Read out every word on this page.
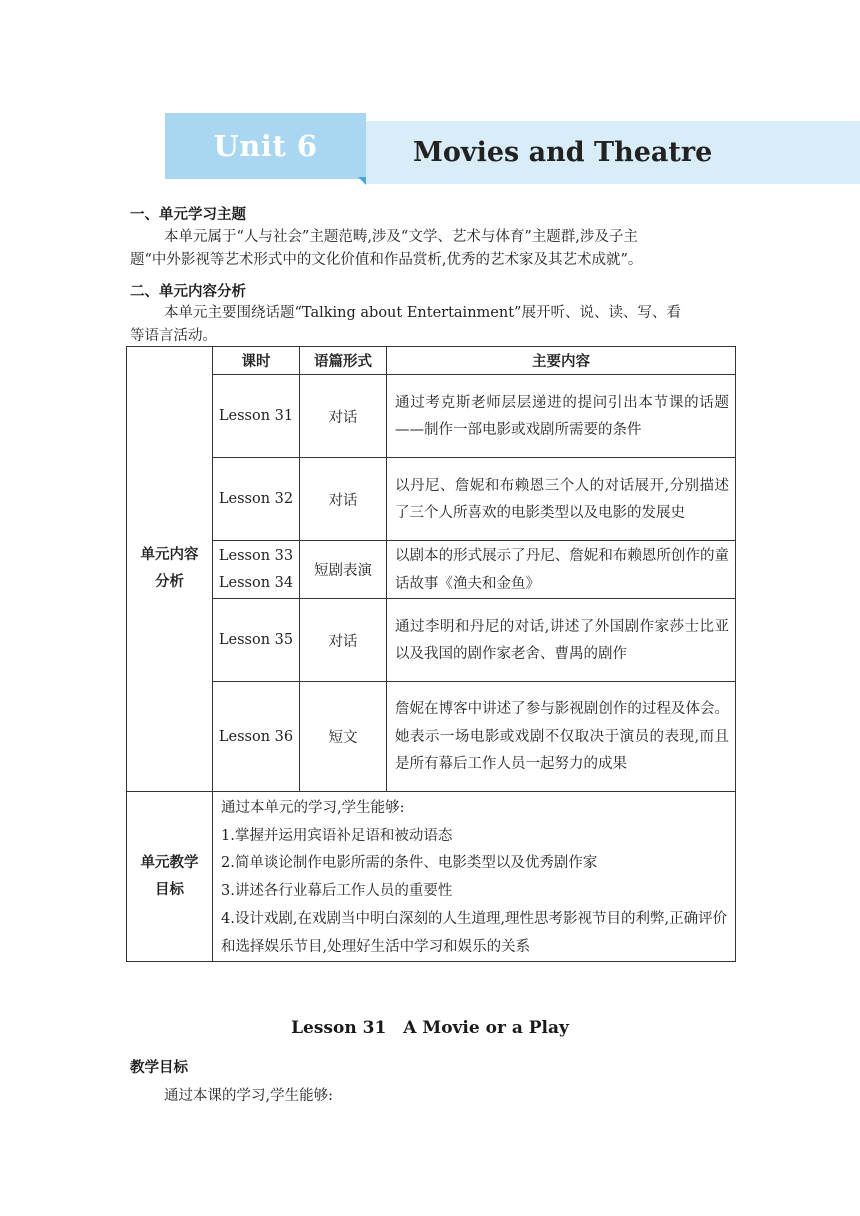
Unit 6	Movies and Theatre
一、单元学习主题
本单元属于“人与社会”主题范畴,涉及“文学、艺术与体育”主题群,涉及子主
题“中外影视等艺术形式中的文化价值和作品赏析,优秀的艺术家及其艺术成就”。
二、单元内容分析
本单元主要围绕话题“Talking about Entertainment”展开听、说、读、写、看
等语言活动。
单元内容分析	课时	语篇形式	主要内容
	Lesson 31	对话	通过考克斯老师层层递进的提问引出本节课的话题——制作一部电影或戏剧所需要的条件
	Lesson 32	对话	以丹尼、詹妮和布赖恩三个人的对话展开,分别描述了三个人所喜欢的电影类型以及电影的发展史

	Lesson 33
Lesson 34	短剧表演	以剧本的形式展示了丹尼、詹妮和布赖恩所创作的童话故事《渔夫和金鱼》
	Lesson 35	对话	通过李明和丹尼的对话,讲述了外国剧作家莎士比亚以及我国的剧作家老舍、曹禺的剧作
	Lesson 36	短文	詹妮在博客中讲述了参与影视剧创作的过程及体会。她表示一场电影或戏剧不仅取决于演员的表现,而且是所有幕后工作人员一起努力的成果

单元教学目标	通过本单元的学习,学生能够:
1.掌握并运用宾语补足语和被动语态
2.简单谈论制作电影所需的条件、电影类型以及优秀剧作家
3.讲述各行业幕后工作人员的重要性
4.设计戏剧,在戏剧当中明白深刻的人生道理,理性思考影视节目的利弊,正确评价和选择娱乐节目,处理好生活中学习和娱乐的关系		
Lesson 31　A Movie or a Play
教学目标
通过本课的学习,学生能够:
